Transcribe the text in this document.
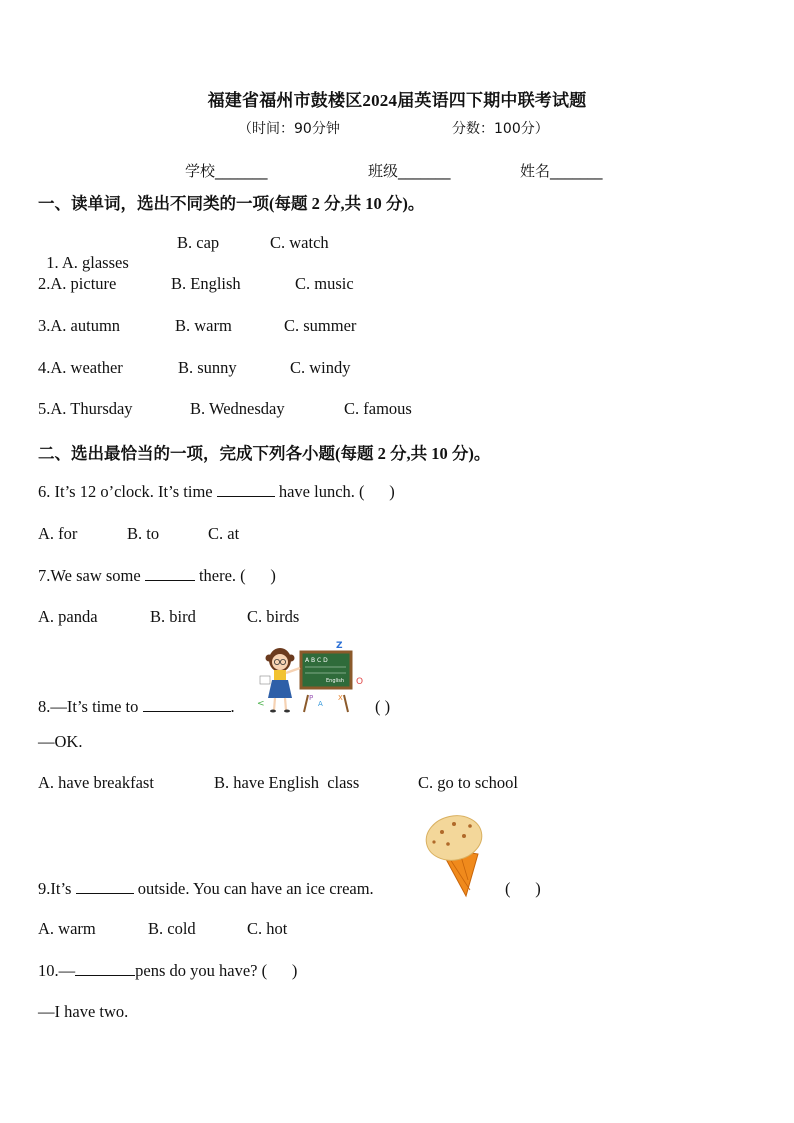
福建省福州市鼓楼区2024届英语四下期中联考试题
（时间：90分钟	分数：100分）
学校_______	班级_______	姓名_______
一、读单词，选出不同类的一项(每题 2 分,共 10 分)。

1. A. glasses

B. cap	C. watch
2.A. picture	B. English	C. music
3.A. autumn	B. warm	C. summer
4.A. weather	B. sunny	C. windy
5.A. Thursday	B. Wednesday	C. famous
二、选出最恰当的一项，完成下列各小题(每题 2 分,共 10 分)。
6. It’s 12 o’clock. It’s time	have lunch. (      )
A. for	B. to	C. at
7.We saw some	there. (      )
A. panda	B. bird	C. birds
Z
O
<
A B C D
English
P	X
A
8.—It’s time to	.	( )
—OK.
A. have breakfast	B. have English  class	C. go to school
9.It’s	outside. You can have an ice cream.	(      )
A. warm	B. cold	C. hot
10.—	pens do you have? (      )
—I have two.
